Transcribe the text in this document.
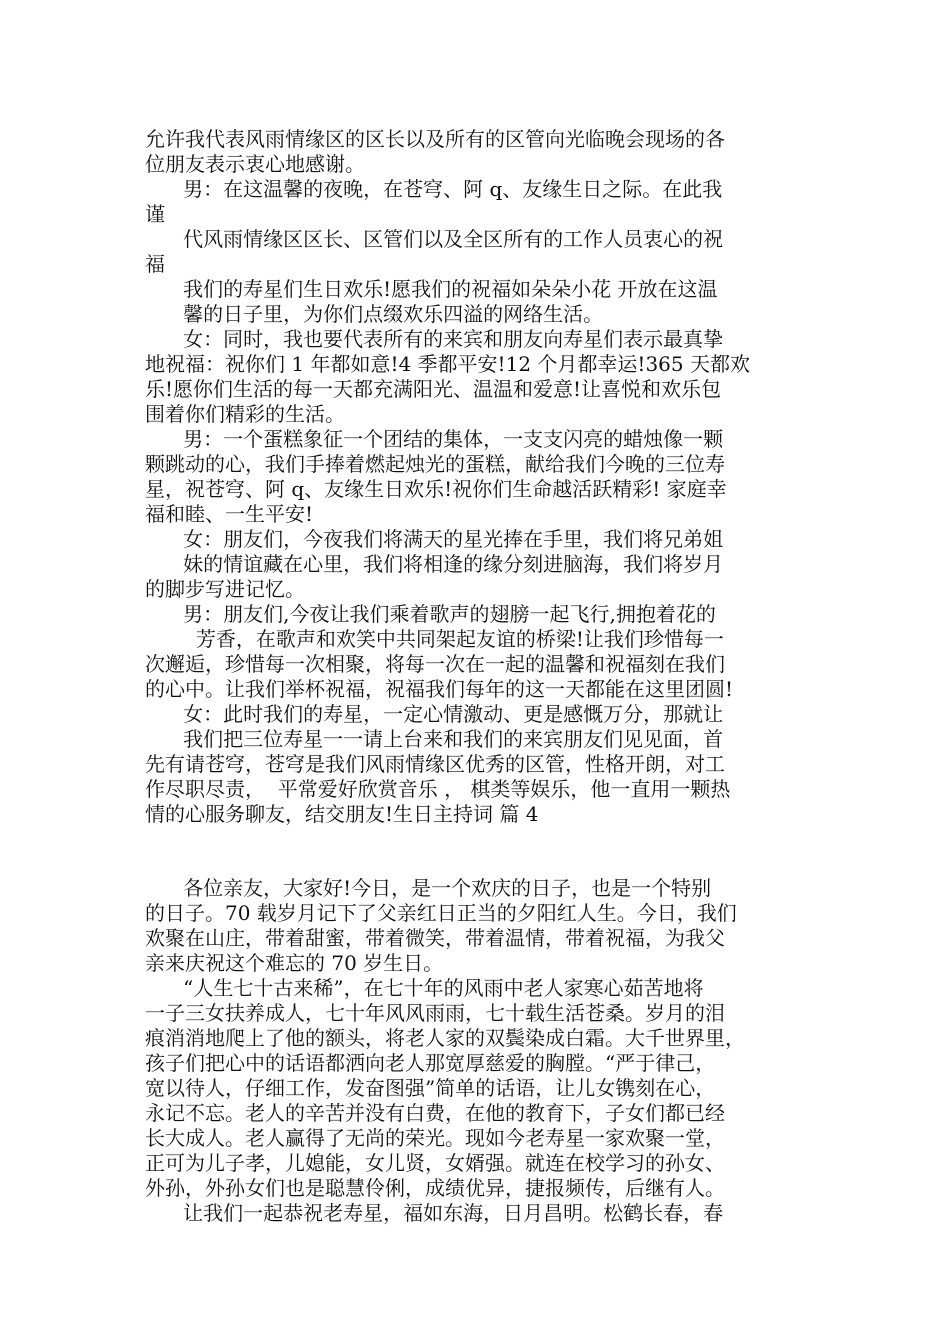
允许我代表风雨情缘区的区长以及所有的区管向光临晚会现场的各
位朋友表示衷心地感谢。
男：在这温馨的夜晚，在苍穹、阿 q、友缘生日之际。在此我
谨
代风雨情缘区区长、区管们以及全区所有的工作人员衷心的祝
福
我们的寿星们生日欢乐!愿我们的祝福如朵朵小花 开放在这温
馨的日子里，为你们点缀欢乐四溢的网络生活。
女：同时，我也要代表所有的来宾和朋友向寿星们表示最真挚
地祝福：祝你们 1 年都如意!4 季都平安!12 个月都幸运!365 天都欢
乐!愿你们生活的每一天都充满阳光、温温和爱意!让喜悦和欢乐包
围着你们精彩的生活。
男：一个蛋糕象征一个团结的集体，一支支闪亮的蜡烛像一颗
颗跳动的心，我们手捧着燃起烛光的蛋糕，献给我们今晚的三位寿
星，祝苍穹、阿 q、友缘生日欢乐!祝你们生命越活跃精彩! 家庭幸
福和睦、一生平安!
女：朋友们，今夜我们将满天的星光捧在手里，我们将兄弟姐
妹的情谊藏在心里，我们将相逢的缘分刻进脑海，我们将岁月
的脚步写进记忆。
男：朋友们,今夜让我们乘着歌声的翅膀一起飞行,拥抱着花的
芳香，在歌声和欢笑中共同架起友谊的桥梁!让我们珍惜每一
次邂逅，珍惜每一次相聚，将每一次在一起的温馨和祝福刻在我们
的心中。让我们举杯祝福，祝福我们每年的这一天都能在这里团圆!
女：此时我们的寿星，一定心情激动、更是感慨万分，那就让
我们把三位寿星一一请上台来和我们的来宾朋友们见见面，首
先有请苍穹，苍穹是我们风雨情缘区优秀的区管，性格开朗，对工
作尽职尽责，  平常爱好欣赏音乐 ， 棋类等娱乐，他一直用一颗热
情的心服务聊友，结交朋友!生日主持词 篇 4
各位亲友，大家好!今日，是一个欢庆的日子，也是一个特别
的日子。70 载岁月记下了父亲红日正当的夕阳红人生。今日，我们
欢聚在山庄，带着甜蜜，带着微笑，带着温情，带着祝福，为我父
亲来庆祝这个难忘的 70 岁生日。
“人生七十古来稀”，在七十年的风雨中老人家寒心茹苦地将
一子三女扶养成人，七十年风风雨雨，七十载生活苍桑。岁月的泪
痕消消地爬上了他的额头，将老人家的双鬓染成白霜。大千世界里，
孩子们把心中的话语都洒向老人那宽厚慈爱的胸膛。“严于律己，
宽以待人，仔细工作，发奋图强”简单的话语，让儿女镌刻在心，
永记不忘。老人的辛苦并没有白费，在他的教育下，子女们都已经
长大成人。老人赢得了无尚的荣光。现如今老寿星一家欢聚一堂，
正可为儿子孝，儿媳能，女儿贤，女婿强。就连在校学习的孙女、
外孙，外孙女们也是聪慧伶俐，成绩优异，捷报频传，后继有人。
让我们一起恭祝老寿星，福如东海，日月昌明。松鹤长春，春
